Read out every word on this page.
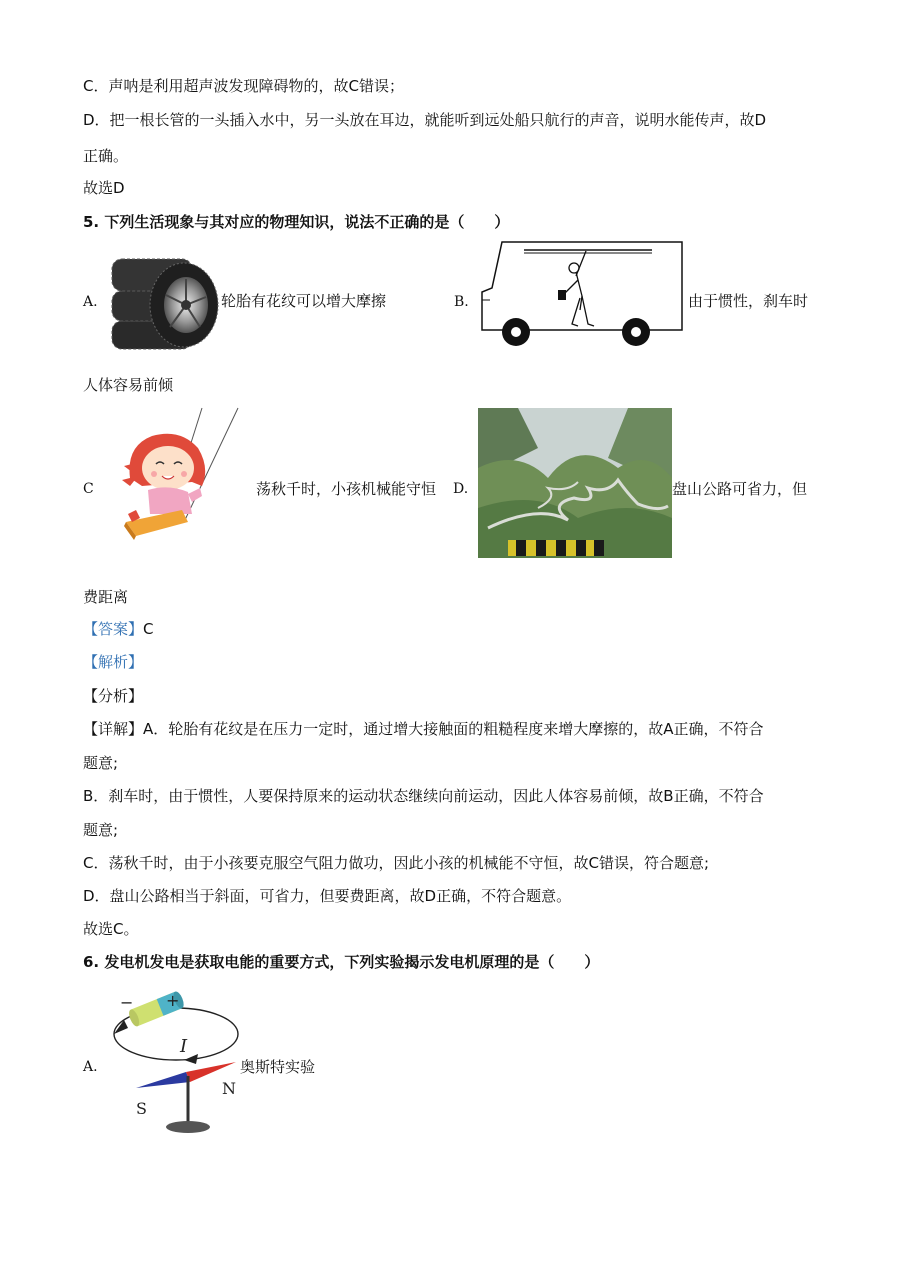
C．声呐是利用超声波发现障碍物的，故C错误；
D．把一根长管的一头插入水中，另一头放在耳边，就能听到远处船只航行的声音，说明水能传声，故D
正确。
故选D
5. 下列生活现象与其对应的物理知识，说法不正确的是（　　）
A.	轮胎有花纹可以增大摩擦	B.	由于惯性，刹车时
人体容易前倾
C	荡秋千时，小孩机械能守恒 D.	盘山公路可省力，但
费距离
【答案】C
【解析】
【分析】
【详解】A．轮胎有花纹是在压力一定时，通过增大接触面的粗糙程度来增大摩擦的，故A正确，不符合
题意;
B．刹车时，由于惯性，人要保持原来的运动状态继续向前运动，因此人体容易前倾，故B正确，不符合
题意;
C．荡秋千时，由于小孩要克服空气阻力做功，因此小孩的机械能不守恒，故C错误，符合题意;
D．盘山公路相当于斜面，可省力，但要费距离，故D正确，不符合题意。
故选C。
6. 发电机发电是获取电能的重要方式，下列实验揭示发电机原理的是（　　）
A.
− +
I
S
N
奥斯特实验
